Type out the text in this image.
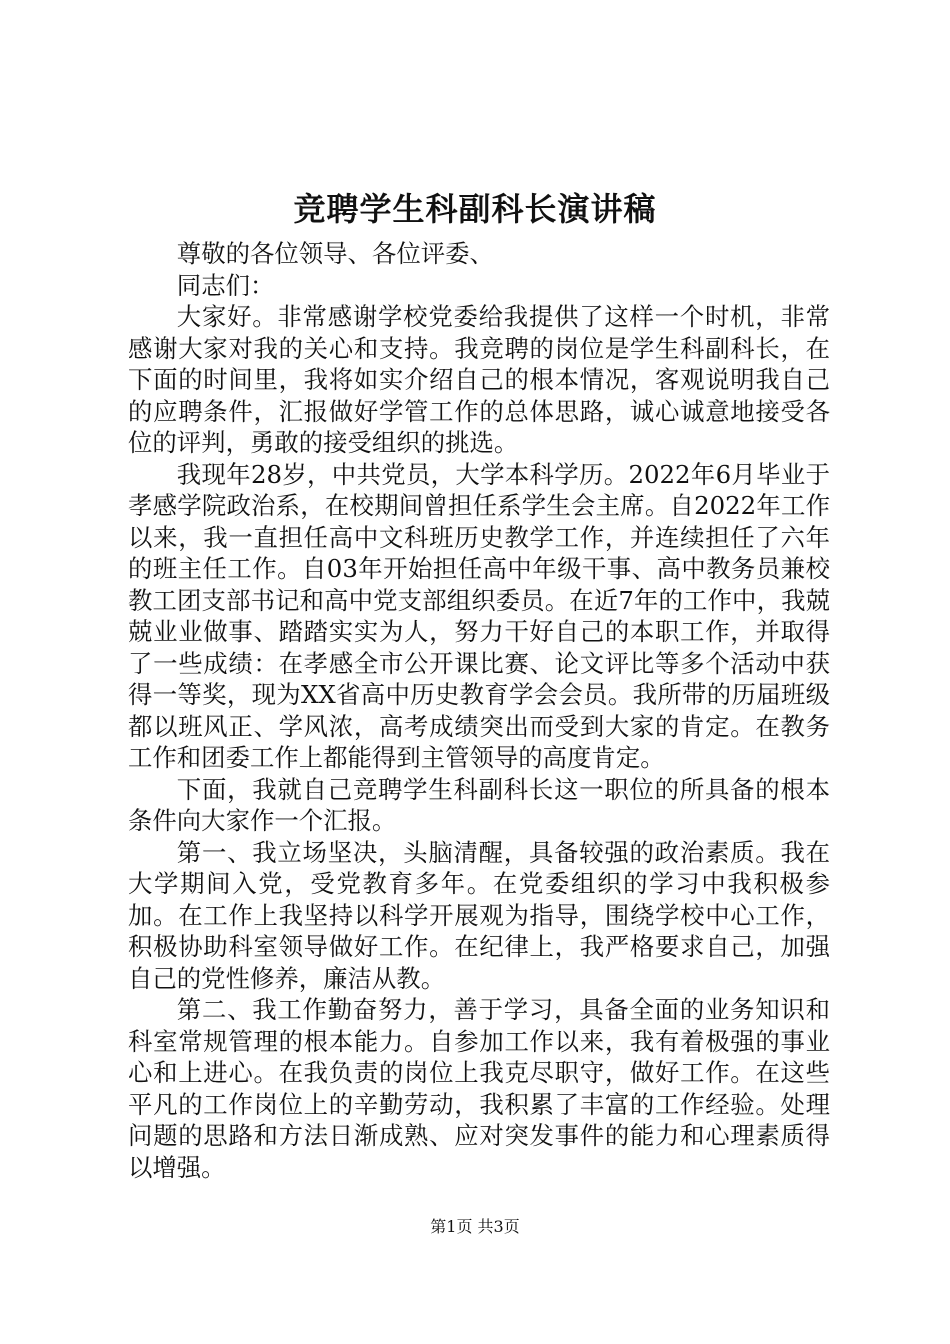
竞聘学生科副科长演讲稿

尊敬的各位领导、各位评委、

同志们：

大家好。非常感谢学校党委给我提供了这样一个时机，非常感谢大家对我的关心和支持。我竞聘的岗位是学生科副科长，在下面的时间里，我将如实介绍自己的根本情况，客观说明我自己的应聘条件，汇报做好学管工作的总体思路，诚心诚意地接受各位的评判，勇敢的接受组织的挑选。

我现年28岁，中共党员，大学本科学历。2022年6月毕业于孝感学院政治系，在校期间曾担任系学生会主席。自2022年工作以来，我一直担任高中文科班历史教学工作，并连续担任了六年的班主任工作。自03年开始担任高中年级干事、高中教务员兼校教工团支部书记和高中党支部组织委员。在近7年的工作中，我兢兢业业做事、踏踏实实为人，努力干好自己的本职工作，并取得了一些成绩：在孝感全市公开课比赛、论文评比等多个活动中获得一等奖，现为XX省高中历史教育学会会员。我所带的历届班级都以班风正、学风浓，高考成绩突出而受到大家的肯定。在教务工作和团委工作上都能得到主管领导的高度肯定。

下面，我就自己竞聘学生科副科长这一职位的所具备的根本条件向大家作一个汇报。

第一、我立场坚决，头脑清醒，具备较强的政治素质。我在大学期间入党，受党教育多年。在党委组织的学习中我积极参加。在工作上我坚持以科学开展观为指导，围绕学校中心工作，积极协助科室领导做好工作。在纪律上，我严格要求自己，加强自己的党性修养，廉洁从教。

第二、我工作勤奋努力，善于学习，具备全面的业务知识和科室常规管理的根本能力。自参加工作以来，我有着极强的事业心和上进心。在我负责的岗位上我克尽职守，做好工作。在这些平凡的工作岗位上的辛勤劳动，我积累了丰富的工作经验。处理问题的思路和方法日渐成熟、应对突发事件的能力和心理素质得以增强。

第1页 共3页
